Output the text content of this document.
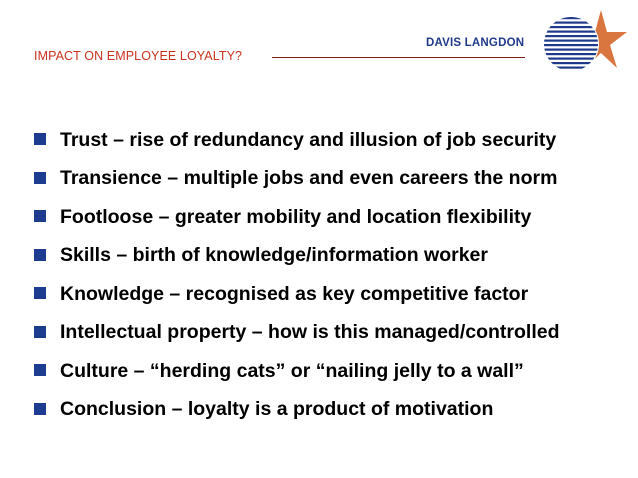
IMPACT ON EMPLOYEE LOYALTY?
DAVIS LANGDON
Trust – rise of redundancy and illusion of job security
Transience – multiple jobs and even careers the norm
Footloose – greater mobility and location flexibility
Skills – birth of knowledge/information worker
Knowledge – recognised as key competitive factor
Intellectual property – how is this managed/controlled
Culture – “herding cats” or “nailing jelly to a wall”
Conclusion – loyalty is a product of motivation
